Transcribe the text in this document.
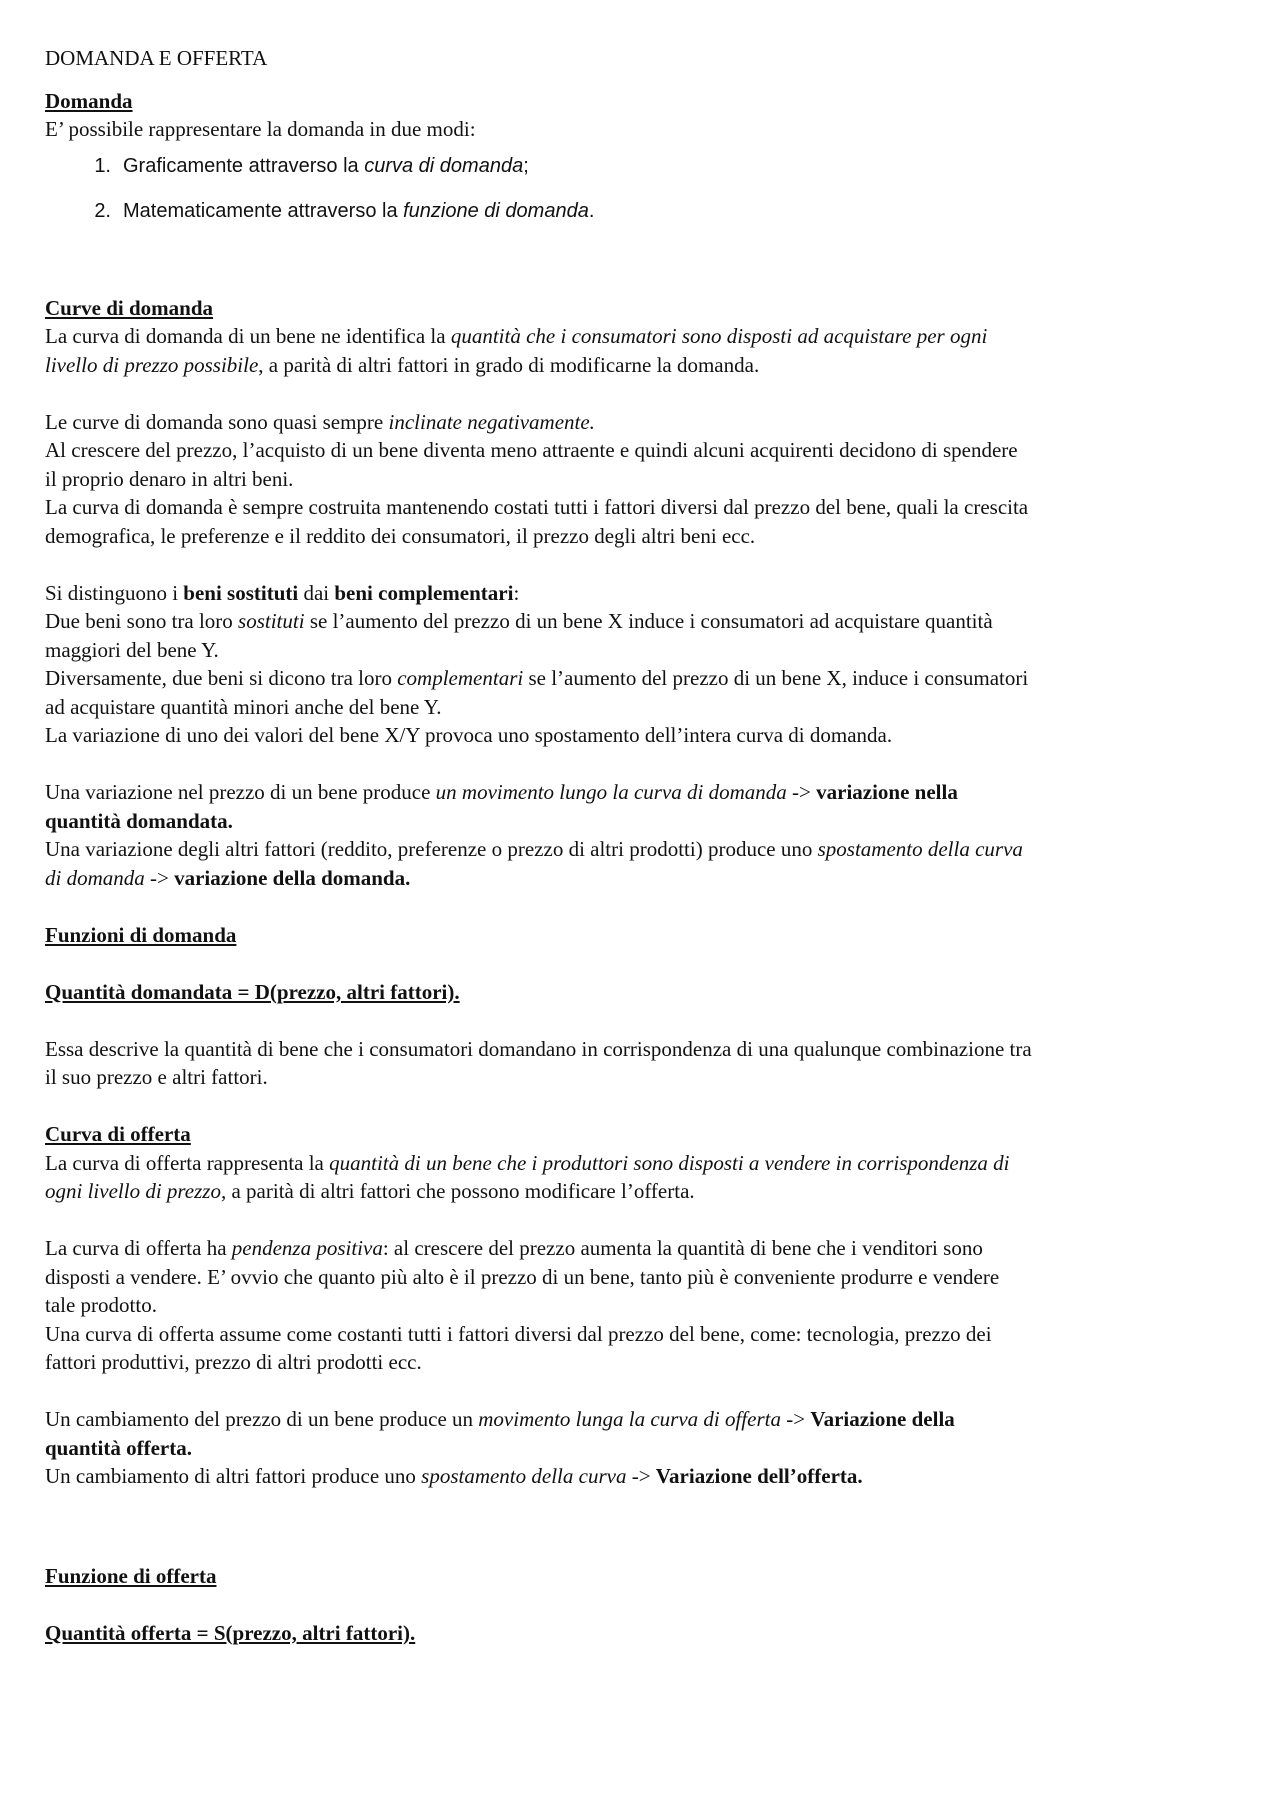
DOMANDA E OFFERTA
Domanda
E’ possibile rappresentare la domanda in due modi:
1. Graficamente attraverso la curva di domanda;
2. Matematicamente attraverso la funzione di domanda.
Curve di domanda
La curva di domanda di un bene ne identifica la quantità che i consumatori sono disposti ad acquistare per ogni
livello di prezzo possibile, a parità di altri fattori in grado di modificarne la domanda.
Le curve di domanda sono quasi sempre inclinate negativamente.
Al crescere del prezzo, l’acquisto di un bene diventa meno attraente e quindi alcuni acquirenti decidono di spendere
il proprio denaro in altri beni.
La curva di domanda è sempre costruita mantenendo costati tutti i fattori diversi dal prezzo del bene, quali la crescita
demografica, le preferenze e il reddito dei consumatori, il prezzo degli altri beni ecc.
Si distinguono i beni sostituti dai beni complementari:
Due beni sono tra loro sostituti se l’aumento del prezzo di un bene X induce i consumatori ad acquistare quantità
maggiori del bene Y.
Diversamente, due beni si dicono tra loro complementari se l’aumento del prezzo di un bene X, induce i consumatori
ad acquistare quantità minori anche del bene Y.
La variazione di uno dei valori del bene X/Y provoca uno spostamento dell’intera curva di domanda.
Una variazione nel prezzo di un bene produce un movimento lungo la curva di domanda -> variazione nella
quantità domandata.
Una variazione degli altri fattori (reddito, preferenze o prezzo di altri prodotti) produce uno spostamento della curva
di domanda -> variazione della domanda.
Funzioni di domanda
Quantità domandata = D(prezzo, altri fattori).
Essa descrive la quantità di bene che i consumatori domandano in corrispondenza di una qualunque combinazione tra
il suo prezzo e altri fattori.
Curva di offerta
La curva di offerta rappresenta la quantità di un bene che i produttori sono disposti a vendere in corrispondenza di
ogni livello di prezzo, a parità di altri fattori che possono modificare l’offerta.
La curva di offerta ha pendenza positiva: al crescere del prezzo aumenta la quantità di bene che i venditori sono
disposti a vendere. E’ ovvio che quanto più alto è il prezzo di un bene, tanto più è conveniente produrre e vendere
tale prodotto.
Una curva di offerta assume come costanti tutti i fattori diversi dal prezzo del bene, come: tecnologia, prezzo dei
fattori produttivi, prezzo di altri prodotti ecc.
Un cambiamento del prezzo di un bene produce un movimento lunga la curva di offerta -> Variazione della
quantità offerta.
Un cambiamento di altri fattori produce uno spostamento della curva -> Variazione dell’offerta.
Funzione di offerta
Quantità offerta = S(prezzo, altri fattori).
